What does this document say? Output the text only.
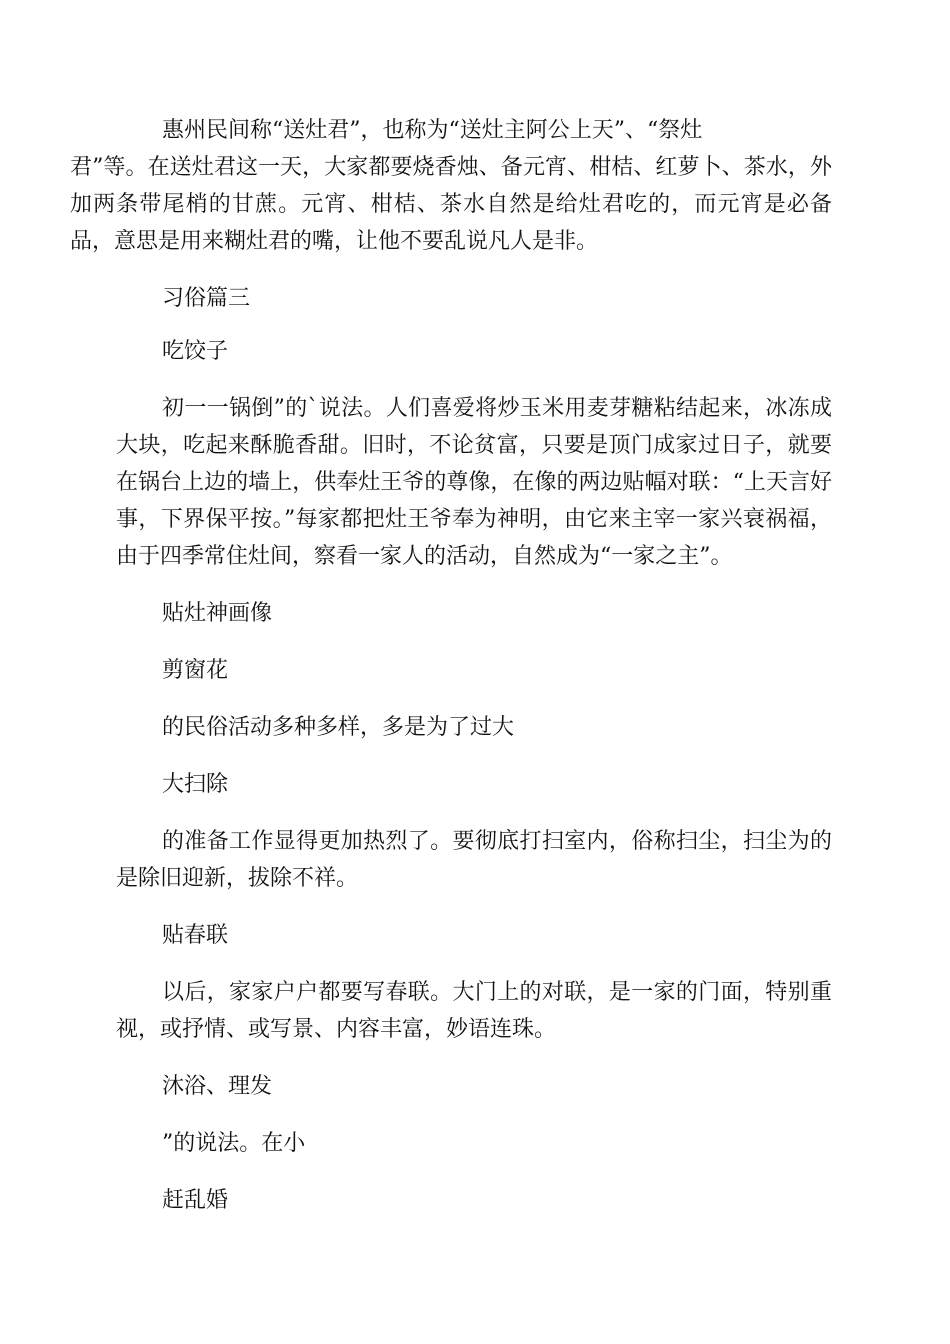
惠州民间称“送灶君”，也称为“送灶主阿公上天”、“祭灶
君”等。在送灶君这一天，大家都要烧香烛、备元宵、柑桔、红萝卜、茶水，外加两条带尾梢的甘蔗。元宵、柑桔、茶水自然是给灶君吃的，而元宵是必备品，意思是用来糊灶君的嘴，让他不要乱说凡人是非。

习俗篇三

吃饺子

初一一锅倒”的`说法。人们喜爱将炒玉米用麦芽糖粘结起来，冰冻成大块，吃起来酥脆香甜。旧时，不论贫富，只要是顶门成家过日子，就要在锅台上边的墙上，供奉灶王爷的尊像，在像的两边贴幅对联：“上天言好事，下界保平按。”每家都把灶王爷奉为神明，由它来主宰一家兴衰祸福，由于四季常住灶间，察看一家人的活动，自然成为“一家之主”。

贴灶神画像

剪窗花

的民俗活动多种多样，多是为了过大

大扫除

的准备工作显得更加热烈了。要彻底打扫室内，俗称扫尘，扫尘为的是除旧迎新，拔除不祥。

贴春联

以后，家家户户都要写春联。大门上的对联，是一家的门面，特别重视，或抒情、或写景、内容丰富，妙语连珠。

沐浴、理发

”的说法。在小

赶乱婚
